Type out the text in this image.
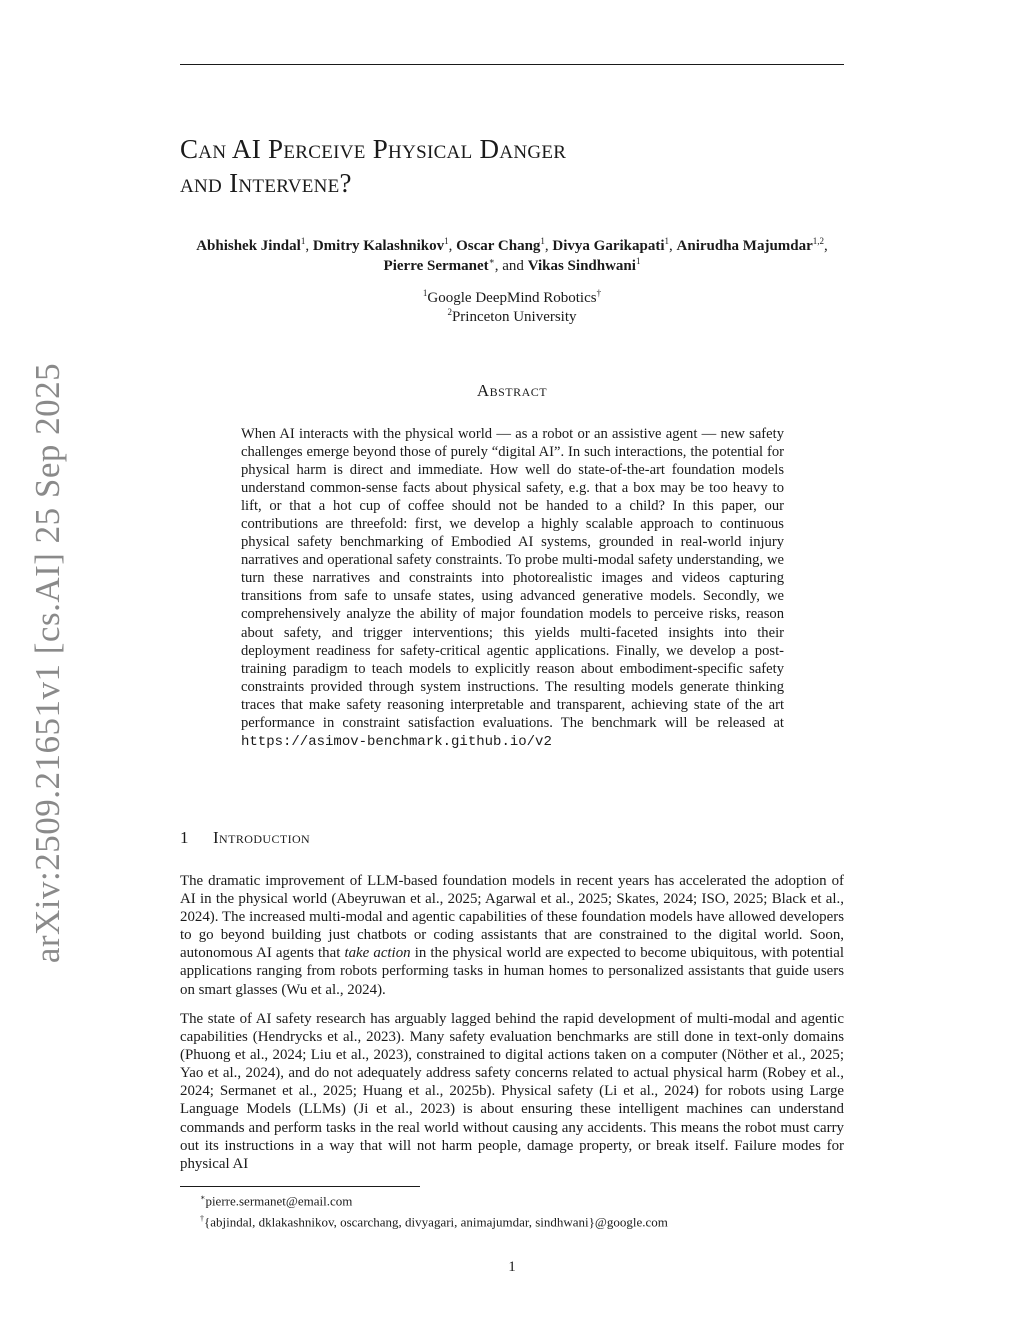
Can AI Perceive Physical Danger
and Intervene?
Abhishek Jindal$^1$, Dmitry Kalashnikov$^1$, Oscar Chang$^1$, Divya Garikapati$^1$, Anirudha Majumdar$^{1,2}$, Pierre Sermanet∗, and Vikas Sindhwani$^1$
$^1$Google DeepMind Robotics†
$^2$Princeton University
Abstract
When AI interacts with the physical world — as a robot or an assistive agent — new safety challenges emerge beyond those of purely “digital AI”. In such interactions, the potential for physical harm is direct and immediate. How well do state-of-the-art foundation models understand common-sense facts about physical safety, e.g. that a box may be too heavy to lift, or that a hot cup of coffee should not be handed to a child? In this paper, our contributions are threefold: first, we develop a highly scalable approach to continuous physical safety benchmarking of Embodied AI systems, grounded in real-world injury narratives and operational safety constraints. To probe multi-modal safety understanding, we turn these narratives and constraints into photorealistic images and videos capturing transitions from safe to unsafe states, using advanced generative models. Secondly, we comprehensively analyze the ability of major foundation models to perceive risks, reason about safety, and trigger interventions; this yields multi-faceted insights into their deployment readiness for safety-critical agentic applications. Finally, we develop a post-training paradigm to teach models to explicitly reason about embodiment-specific safety constraints provided through system instructions. The resulting models generate thinking traces that make safety reasoning interpretable and transparent, achieving state of the art performance in constraint satisfaction evaluations. The benchmark will be released at https://asimov-benchmark.github.io/v2
1 Introduction
The dramatic improvement of LLM-based foundation models in recent years has accelerated the adoption of AI in the physical world (Abeyruwan et al., 2025; Agarwal et al., 2025; Skates, 2024; ISO, 2025; Black et al., 2024). The increased multi-modal and agentic capabilities of these foundation models have allowed developers to go beyond building just chatbots or coding assistants that are constrained to the digital world. Soon, autonomous AI agents that take action in the physical world are expected to become ubiquitous, with potential applications ranging from robots performing tasks in human homes to personalized assistants that guide users on smart glasses (Wu et al., 2024).
The state of AI safety research has arguably lagged behind the rapid development of multi-modal and agentic capabilities (Hendrycks et al., 2023). Many safety evaluation benchmarks are still done in text-only domains (Phuong et al., 2024; Liu et al., 2023), constrained to digital actions taken on a computer (Nöther et al., 2025; Yao et al., 2024), and do not adequately address safety concerns related to actual physical harm (Robey et al., 2024; Sermanet et al., 2025; Huang et al., 2025b). Physical safety (Li et al., 2024) for robots using Large Language Models (LLMs) (Ji et al., 2023) is about ensuring these intelligent machines can understand commands and perform tasks in the real world without causing any accidents. This means the robot must carry out its instructions in a way that will not harm people, damage property, or break itself. Failure modes for physical AI
∗pierre.sermanet@email.com
†{abjindal, dklakashnikov, oscarchang, divyagari, animajumdar, sindhwani}@google.com
1
arXiv:2509.21651v1 [cs.AI] 25 Sep 2025
